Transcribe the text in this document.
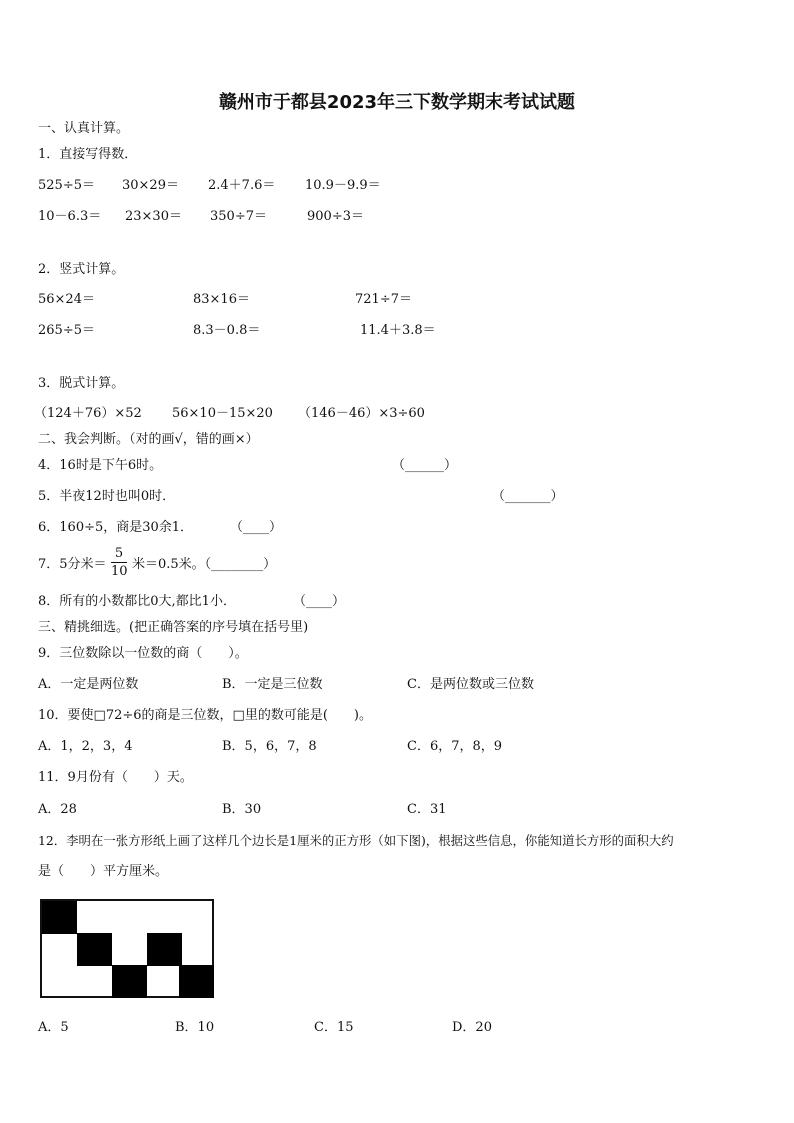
赣州市于都县2023年三下数学期末考试试题
一、认真计算。
1．直接写得数．
525÷5＝ 30×29＝ 2.4＋7.6＝ 10.9－9.9＝
10－6.3＝ 23×30＝ 350÷7＝	900÷3＝
2．竖式计算。
56×24＝	83×16＝	721÷7＝
265÷5＝	8.3－0.8＝	11.4＋3.8＝
3．脱式计算。
（124＋76）×52 56×10－15×20 （146－46）×3÷60
二、我会判断。（对的画√，错的画×）
4．16时是下午6时。	（______）
5．半夜12时也叫0时．	（_______）
6．160÷5，商是30余1．	（____）
7．5分米＝
5
10 米＝0.5米。（________）
8．所有的小数都比0大,都比1小．	（____）
三、精挑细选。(把正确答案的序号填在括号里)
9．三位数除以一位数的商（　　）。
A．一定是两位数	B．一定是三位数	C．是两位数或三位数
10．要使□72÷6的商是三位数，□里的数可能是(　　)。
A．1，2，3，4	B．5，6，7，8	C．6，7，8，9
11．9月份有（　　）天。
A．28	B．30	C．31
12．李明在一张方形纸上画了这样几个边长是1厘米的正方形（如下图)，根据这些信息，你能知道长方形的面积大约
是（　　）平方厘米。
A．5	B．10	C．15	D．20
